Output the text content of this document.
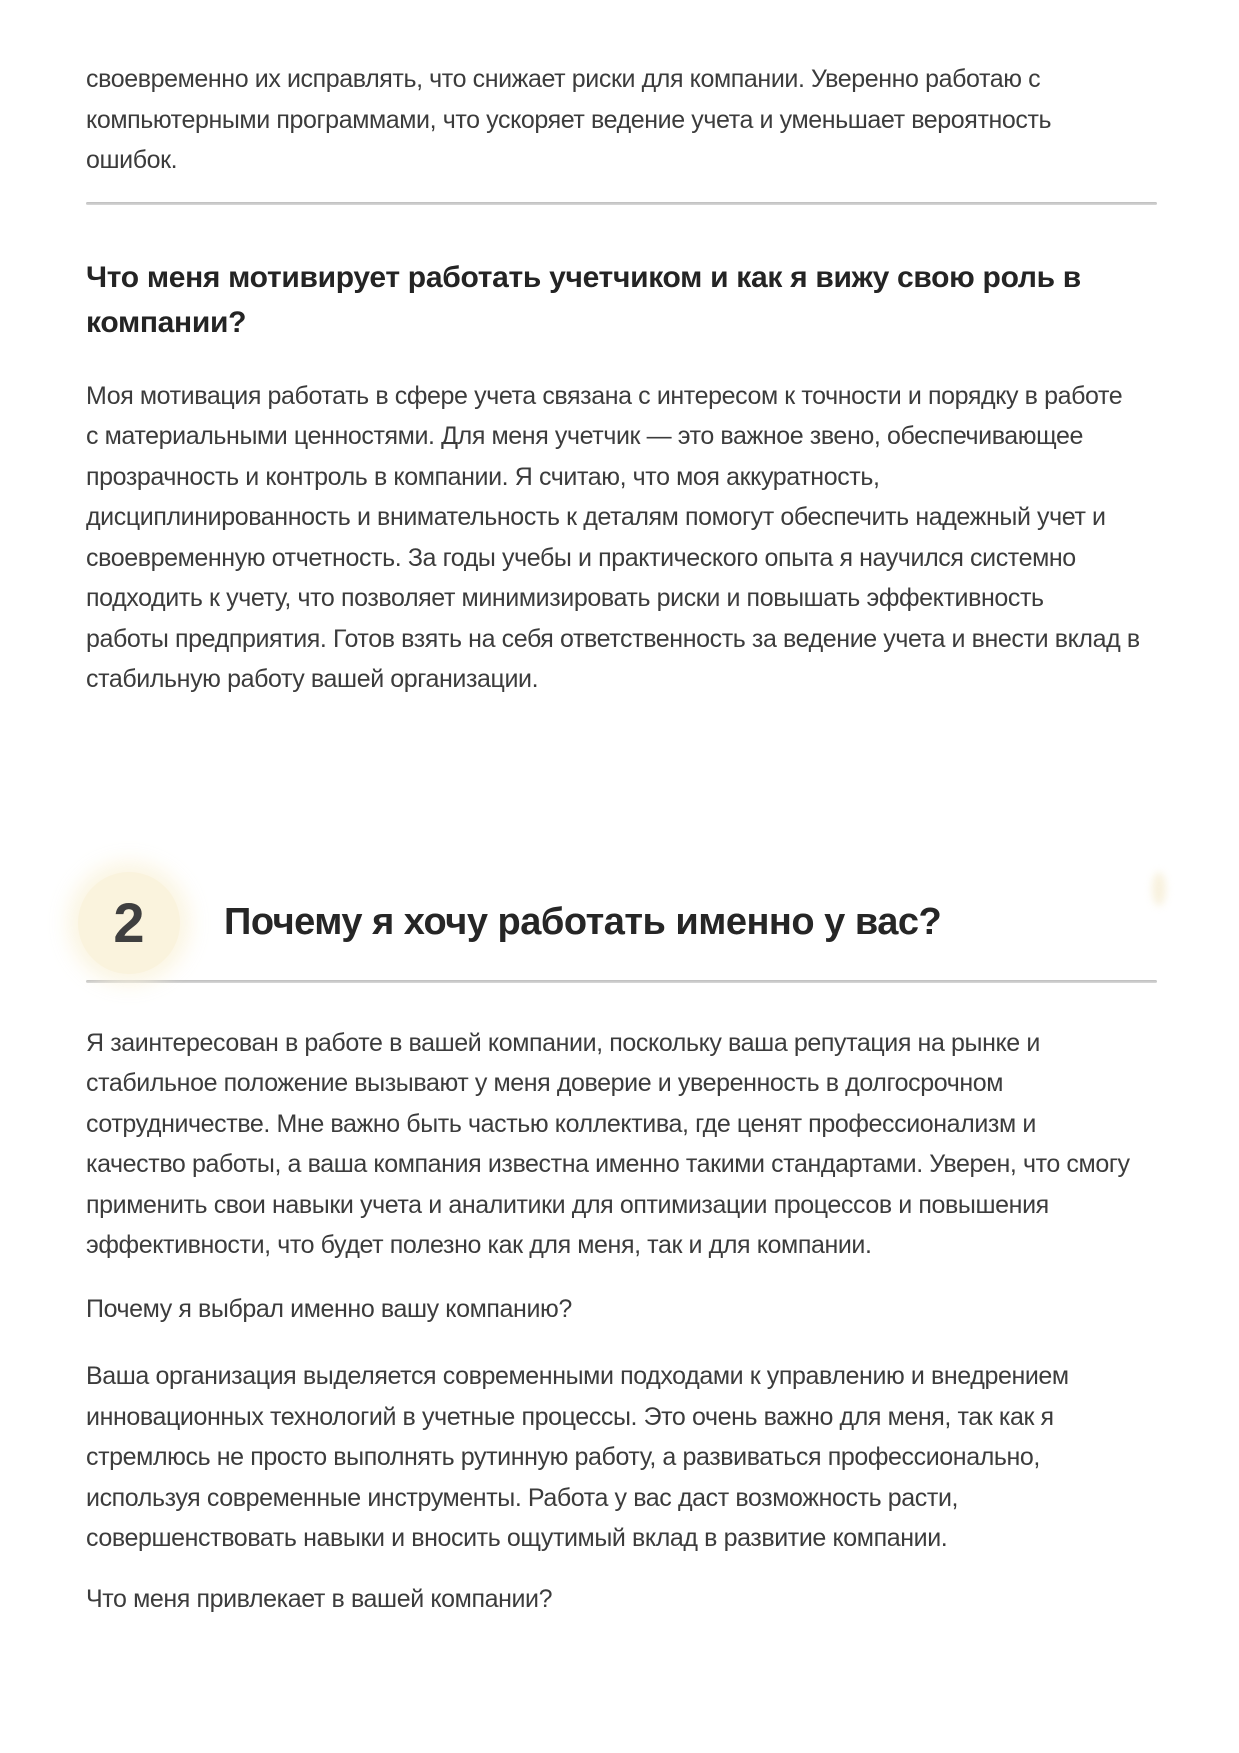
своевременно их исправлять, что снижает риски для компании. Уверенно работаю с
компьютерными программами, что ускоряет ведение учета и уменьшает вероятность
ошибок.

Что меня мотивирует работать учетчиком и как я вижу свою роль в
компании?

Моя мотивация работать в сфере учета связана с интересом к точности и порядку в работе
с материальными ценностями. Для меня учетчик — это важное звено, обеспечивающее
прозрачность и контроль в компании. Я считаю, что моя аккуратность,
дисциплинированность и внимательность к деталям помогут обеспечить надежный учет и
своевременную отчетность. За годы учебы и практического опыта я научился системно
подходить к учету, что позволяет минимизировать риски и повышать эффективность
работы предприятия. Готов взять на себя ответственность за ведение учета и внести вклад в
стабильную работу вашей организации.

2 Почему я хочу работать именно у вас?

Я заинтересован в работе в вашей компании, поскольку ваша репутация на рынке и
стабильное положение вызывают у меня доверие и уверенность в долгосрочном
сотрудничестве. Мне важно быть частью коллектива, где ценят профессионализм и
качество работы, а ваша компания известна именно такими стандартами. Уверен, что смогу
применить свои навыки учета и аналитики для оптимизации процессов и повышения
эффективности, что будет полезно как для меня, так и для компании.

Почему я выбрал именно вашу компанию?

Ваша организация выделяется современными подходами к управлению и внедрением
инновационных технологий в учетные процессы. Это очень важно для меня, так как я
стремлюсь не просто выполнять рутинную работу, а развиваться профессионально,
используя современные инструменты. Работа у вас даст возможность расти,
совершенствовать навыки и вносить ощутимый вклад в развитие компании.

Что меня привлекает в вашей компании?
